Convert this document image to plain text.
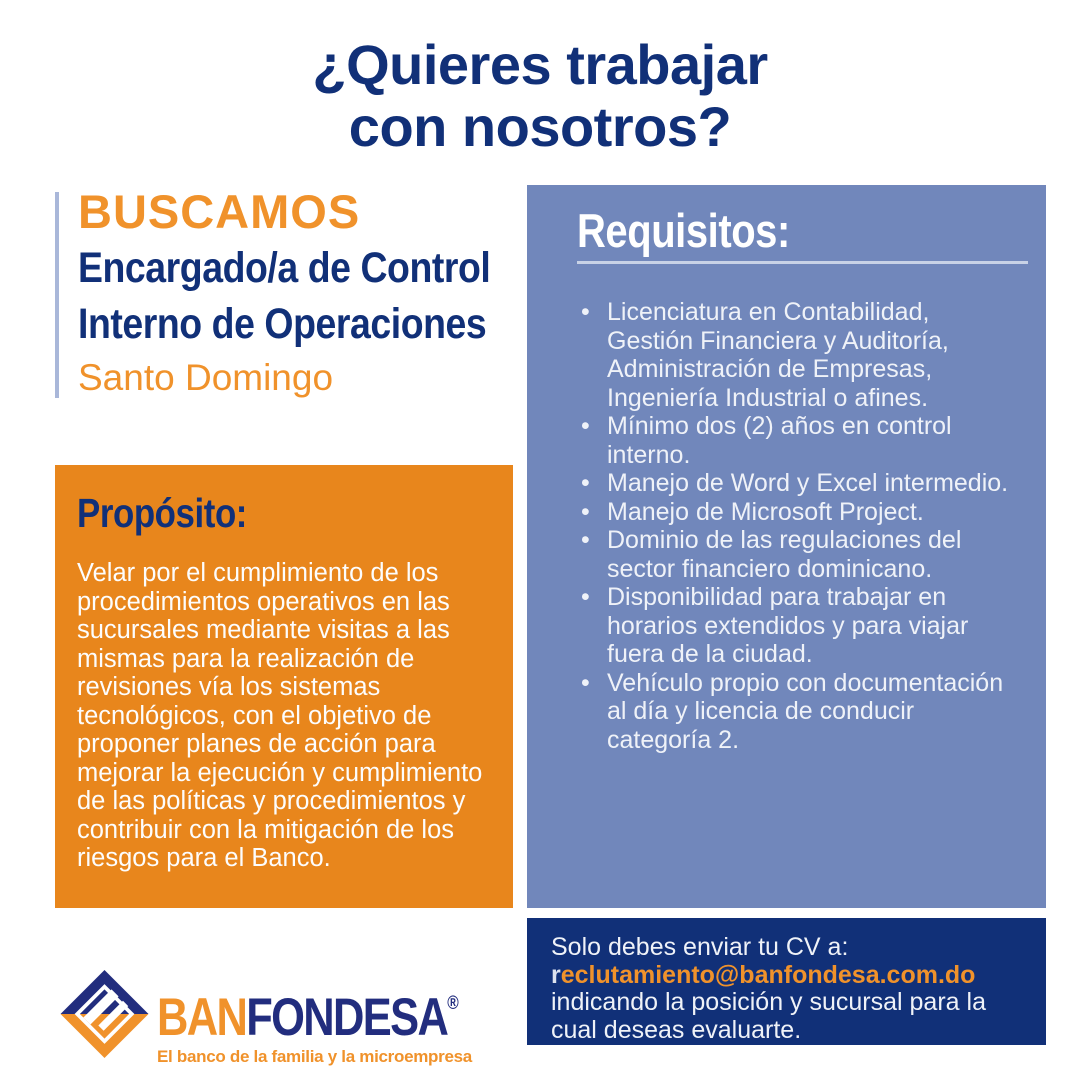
¿Quieres trabajar
con nosotros?
BUSCAMOS
Encargado/a de Control
Interno de Operaciones
Santo Domingo
Propósito:

Velar por el cumplimiento de los procedimientos operativos en las sucursales mediante visitas a las mismas para la realización de revisiones vía los sistemas tecnológicos, con el objetivo de proponer planes de acción para mejorar la ejecución y cumplimiento de las políticas y procedimientos y contribuir con la mitigación de los riesgos para el Banco.

Requisitos:
• Licenciatura en Contabilidad, Gestión Financiera y Auditoría, Administración de Empresas, Ingeniería Industrial o afines.
• Mínimo dos (2) años en control interno.
• Manejo de Word y Excel intermedio.
• Manejo de Microsoft Project.
• Dominio de las regulaciones del sector financiero dominicano.
• Disponibilidad para trabajar en horarios extendidos y para viajar fuera de la ciudad.
• Vehículo propio con documentación al día y licencia de conducir categoría 2.
Solo debes enviar tu CV a:
reclutamiento@banfondesa.com.do
indicando la posición y sucursal para la cual deseas evaluarte.
BANFONDESA®
El banco de la familia y la microempresa
